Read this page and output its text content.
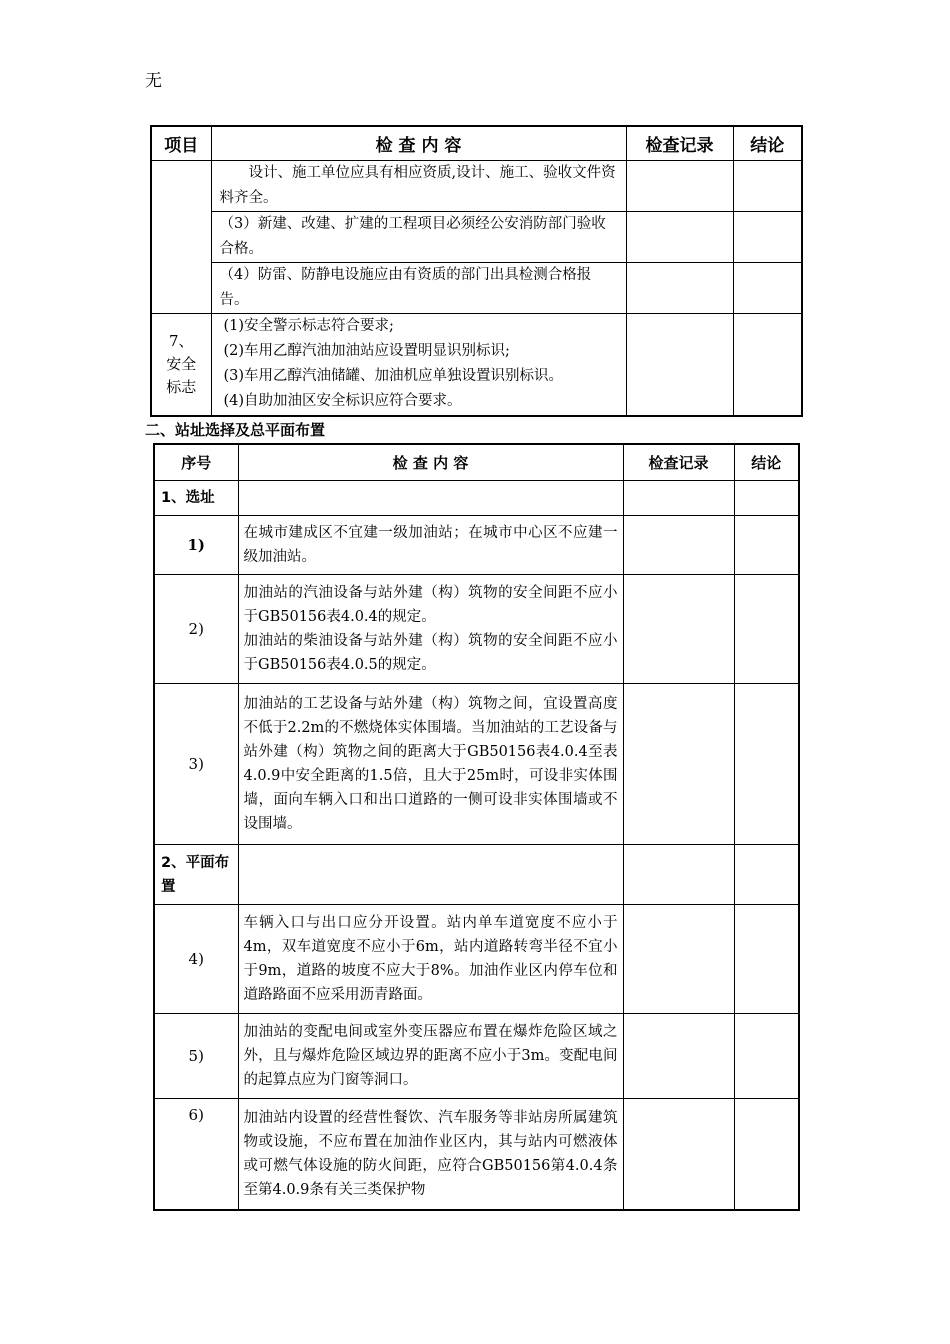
无
项目	检 查 内 容	检查记录	结论
	设计、施工单位应具有相应资质,设计、施工、验收文件资料齐全。		
	（3）新建、改建、扩建的工程项目必须经公安消防部门验收合格。		
	（4）防雷、防静电设施应由有资质的部门出具检测合格报告。		
7、
安全
标志	(1)安全警示标志符合要求;
(2)车用乙醇汽油加油站应设置明显识别标识;
(3)车用乙醇汽油储罐、加油机应单独设置识别标识。
(4)自助加油区安全标识应符合要求。		

二、站址选择及总平面布置
序号	检 查 内 容	检查记录	结论
1、选址			
1)	在城市建成区不宜建一级加油站；在城市中心区不应建一级加油站。		
2)	加油站的汽油设备与站外建（构）筑物的安全间距不应小于GB50156表4.0.4的规定。
加油站的柴油设备与站外建（构）筑物的安全间距不应小于GB50156表4.0.5的规定。		

3)	加油站的工艺设备与站外建（构）筑物之间，宜设置高度不低于2.2m的不燃烧体实体围墙。当加油站的工艺设备与站外建（构）筑物之间的距离大于GB50156表4.0.4至表4.0.9中安全距离的1.5倍，且大于25m时，可设非实体围墙，面向车辆入口和出口道路的一侧可设非实体围墙或不设围墙。		
2、平面布置			
4)	车辆入口与出口应分开设置。站内单车道宽度不应小于4m，双车道宽度不应小于6m，站内道路转弯半径不宜小于9m，道路的坡度不应大于8%。加油作业区内停车位和道路路面不应采用沥青路面。		
5)	加油站的变配电间或室外变压器应布置在爆炸危险区域之外，且与爆炸危险区域边界的距离不应小于3m。变配电间的起算点应为门窗等洞口。		
6)	加油站内设置的经营性餐饮、汽车服务等非站房所属建筑物或设施，不应布置在加油作业区内，其与站内可燃液体或可燃气体设施的防火间距，应符合GB50156第4.0.4条至第4.0.9条有关三类保护物		
